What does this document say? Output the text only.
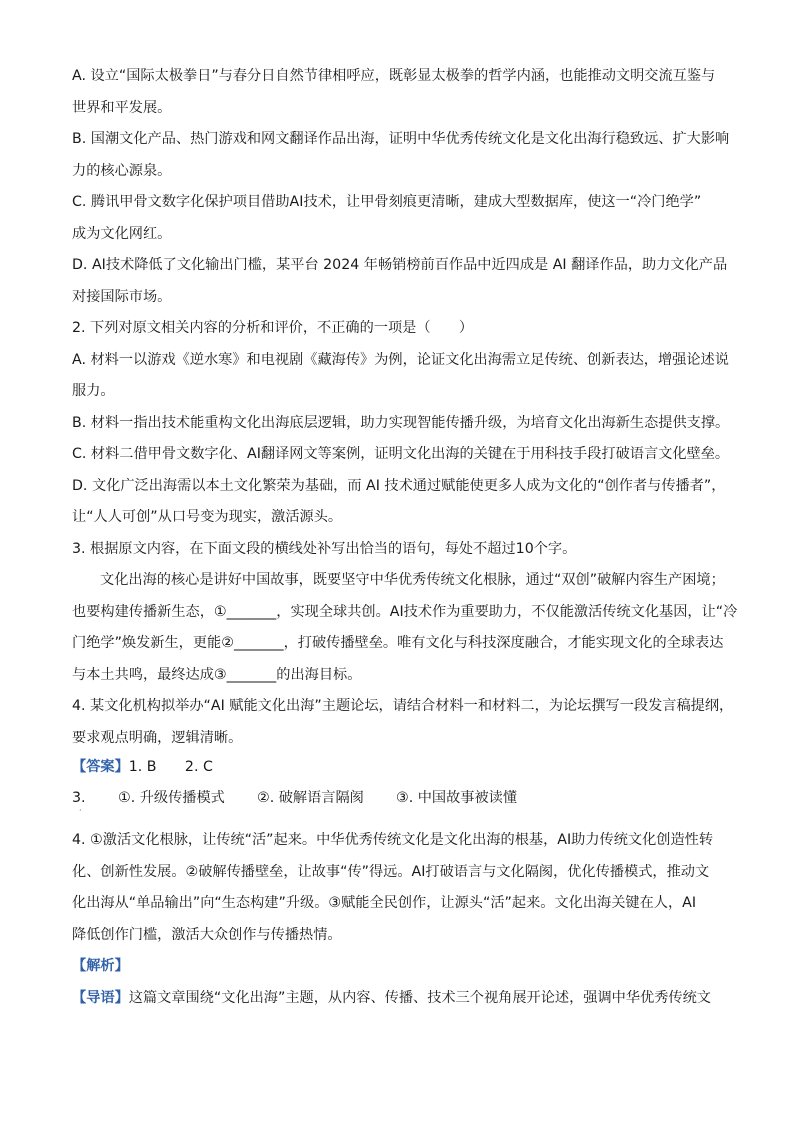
A. 设立“国际太极拳日”与春分日自然节律相呼应，既彰显太极拳的哲学内涵，也能推动文明交流互鉴与
世界和平发展。
B. 国潮文化产品、热门游戏和网文翻译作品出海，证明中华优秀传统文化是文化出海行稳致远、扩大影响
力的核心源泉。
C. 腾讯甲骨文数字化保护项目借助AI技术，让甲骨刻痕更清晰，建成大型数据库，使这一“冷门绝学”
成为文化网红。
D. AI技术降低了文化输出门槛，某平台 2024 年畅销榜前百作品中近四成是 AI 翻译作品，助力文化产品
对接国际市场。
2. 下列对原文相关内容的分析和评价，不正确的一项是（　　）
A. 材料一以游戏《逆水寒》和电视剧《藏海传》为例，论证文化出海需立足传统、创新表达，增强论述说
服力。
B. 材料一指出技术能重构文化出海底层逻辑，助力实现智能传播升级，为培育文化出海新生态提供支撑。
C. 材料二借甲骨文数字化、AI翻译网文等案例，证明文化出海的关键在于用科技手段打破语言文化壁垒。
D. 文化广泛出海需以本土文化繁荣为基础，而 AI 技术通过赋能使更多人成为文化的“创作者与传播者”，
让“人人可创”从口号变为现实，激活源头。
3. 根据原文内容，在下面文段的横线处补写出恰当的语句，每处不超过10个字。
文化出海的核心是讲好中国故事，既要坚守中华优秀传统文化根脉，通过“双创”破解内容生产困境；
也要构建传播新生态，①_______，实现全球共创。AI技术作为重要助力，不仅能激活传统文化基因，让“冷
门绝学”焕发新生，更能②_______，打破传播壁垒。唯有文化与科技深度融合，才能实现文化的全球表达
与本土共鸣，最终达成③_______的出海目标。
4. 某文化机构拟举办“AI 赋能文化出海”主题论坛，请结合材料一和材料二，为论坛撰写一段发言稿提纲，
要求观点明确，逻辑清晰。
【答案】1. B　　2. C
3. ①. 升级传播模式 ②. 破解语言隔阂 ③. 中国故事被读懂
·
4. ①激活文化根脉，让传统“活”起来。中华优秀传统文化是文化出海的根基，AI助力传统文化创造性转
化、创新性发展。②破解传播壁垒，让故事“传”得远。AI打破语言与文化隔阂，优化传播模式，推动文
化出海从“单品输出”向“生态构建”升级。③赋能全民创作，让源头“活”起来。文化出海关键在人，AI
降低创作门槛，激活大众创作与传播热情。
【解析】
【导语】这篇文章围绕“文化出海”主题，从内容、传播、技术三个视角展开论述，强调中华优秀传统文
